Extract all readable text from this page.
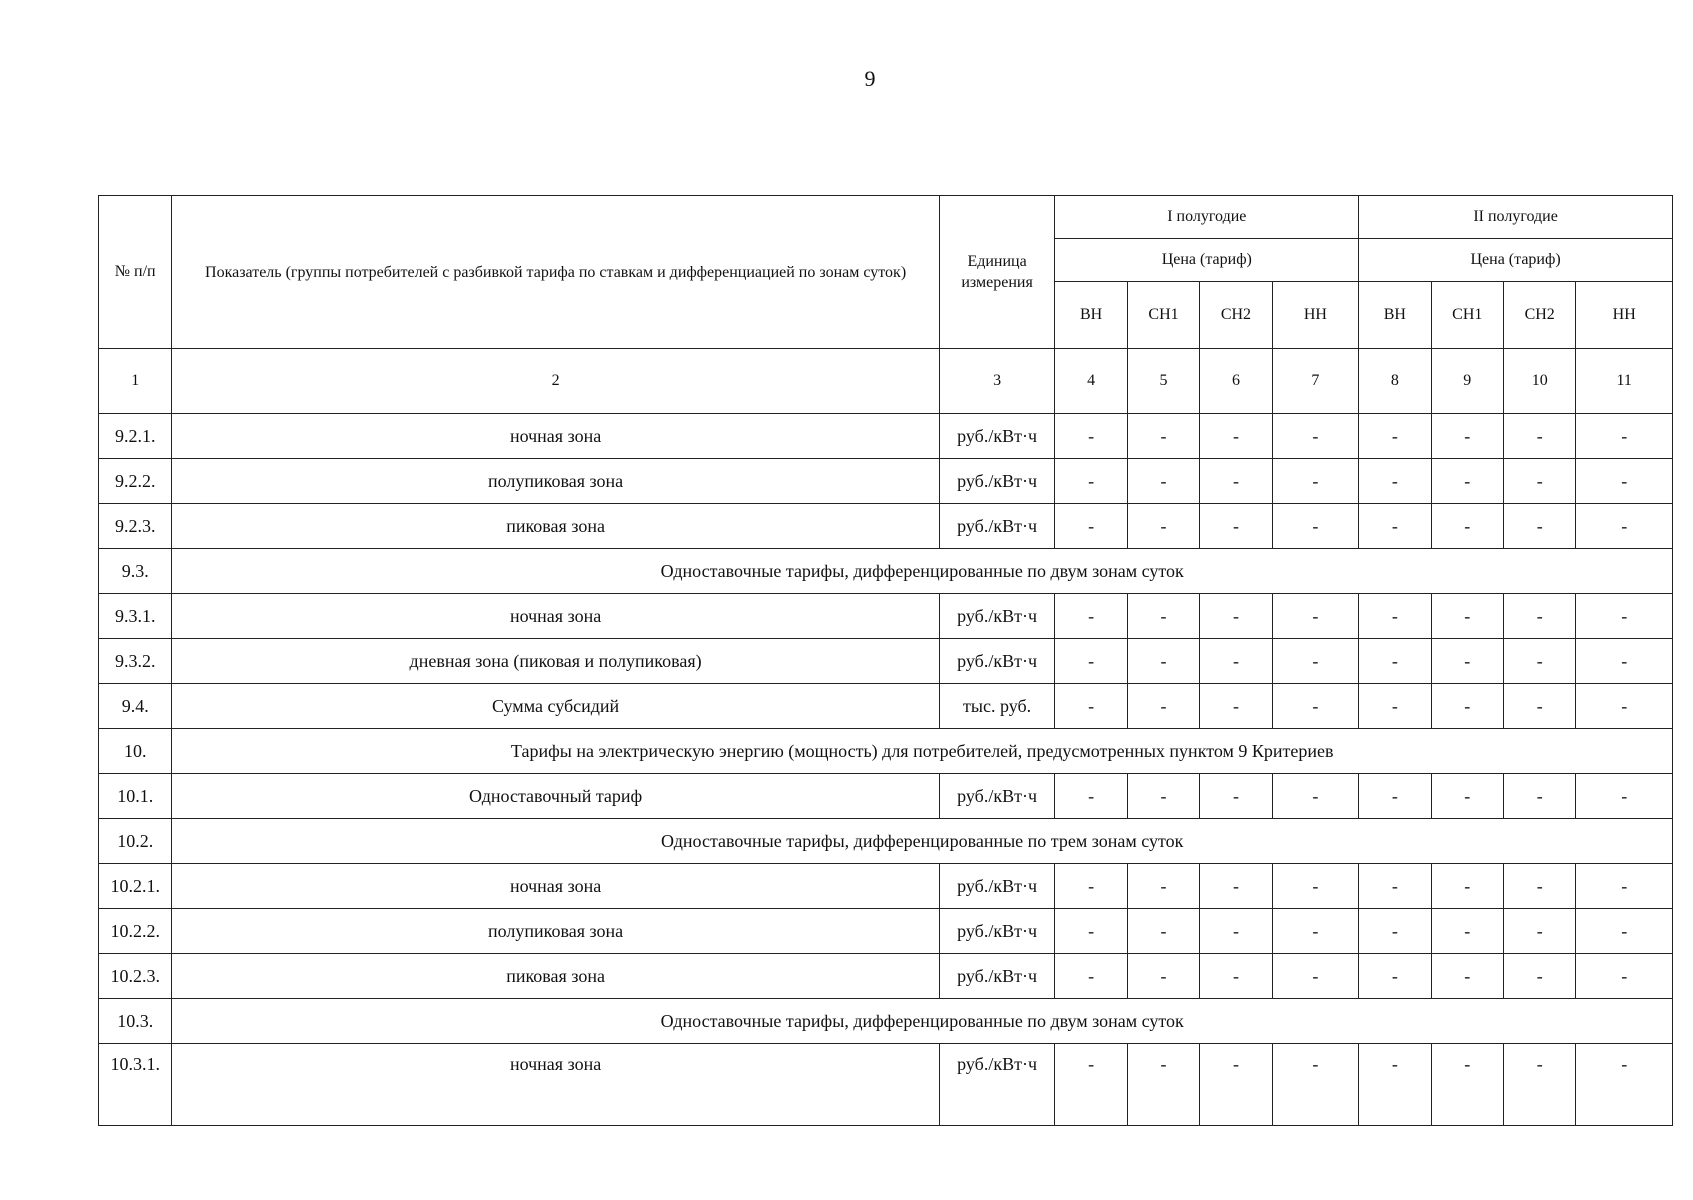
9
№ п/п	Показатель (группы потребителей с разбивкой тарифа по ставкам и дифференциацией по зонам суток)	Единица измерения	I полугодие				II полугодие			
			Цена (тариф)				Цена (тариф)			
			ВН	СН1	СН2	НН	ВН	СН1	СН2	НН
1	2	3	4	5	6	7	8	9	10	11
9.2.1.	ночная зона	руб./кВт·ч	-	-	-	-	-	-	-	-
9.2.2.	полупиковая зона	руб./кВт·ч	-	-	-	-	-	-	-	-
9.2.3.	пиковая зона	руб./кВт·ч	-	-	-	-	-	-	-	-
9.3.	Одноставочные тарифы, дифференцированные по двум зонам суток									
9.3.1.	ночная зона	руб./кВт·ч	-	-	-	-	-	-	-	-
9.3.2.	дневная зона (пиковая и полупиковая)	руб./кВт·ч	-	-	-	-	-	-	-	-
9.4.	Сумма субсидий	тыс. руб.	-	-	-	-	-	-	-	-
10.	Тарифы на электрическую энергию (мощность) для потребителей, предусмотренных пунктом 9 Критериев									
10.1.	Одноставочный тариф	руб./кВт·ч	-	-	-	-	-	-	-	-
10.2.	Одноставочные тарифы, дифференцированные по трем зонам суток									
10.2.1.	ночная зона	руб./кВт·ч	-	-	-	-	-	-	-	-
10.2.2.	полупиковая зона	руб./кВт·ч	-	-	-	-	-	-	-	-
10.2.3.	пиковая зона	руб./кВт·ч	-	-	-	-	-	-	-	-
10.3.	Одноставочные тарифы, дифференцированные по двум зонам суток									
10.3.1.	ночная зона	руб./кВт·ч	-	-	-	-	-	-	-	-
